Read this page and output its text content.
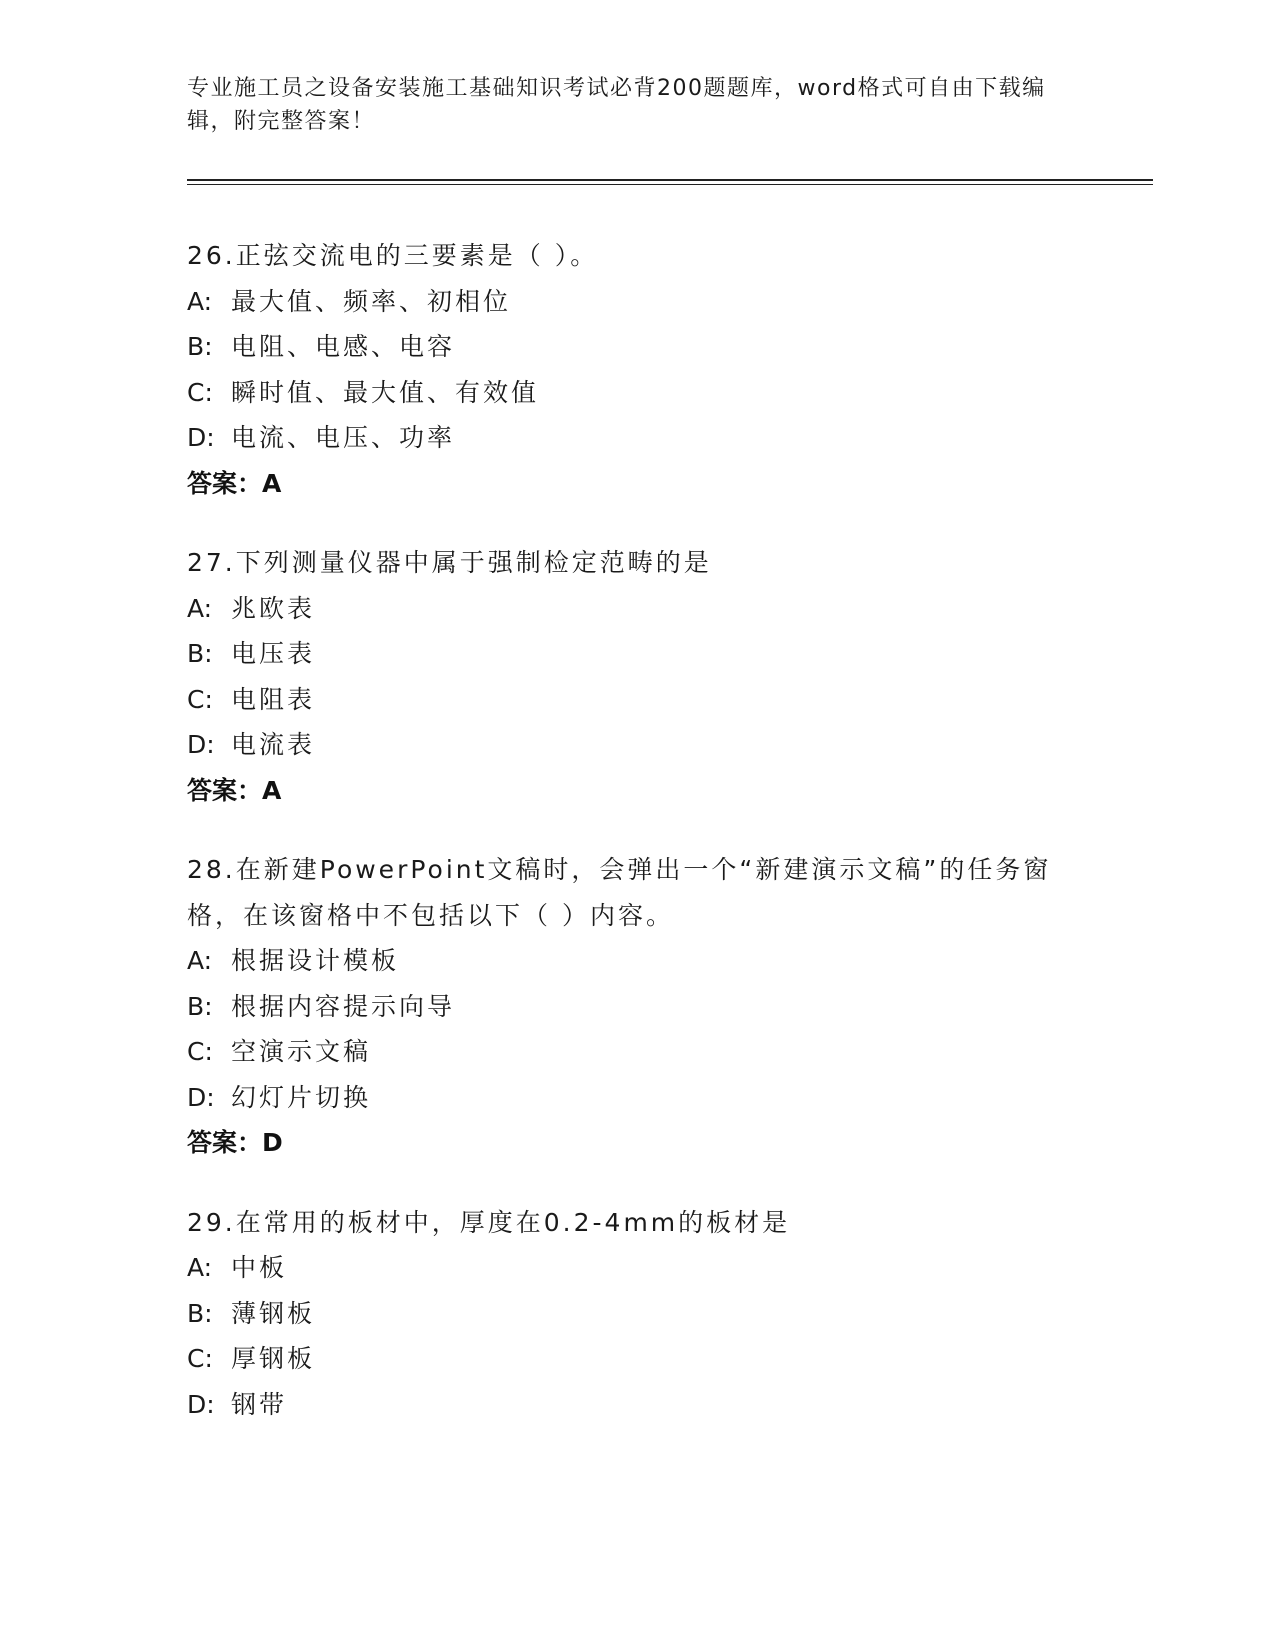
专业施工员之设备安装施工基础知识考试必背200题题库，word格式可自由下载编辑，附完整答案！
26.正弦交流电的三要素是（ ）。
A: 最大值、频率、初相位
B: 电阻、电感、电容
C: 瞬时值、最大值、有效值
D: 电流、电压、功率
答案：A
27.下列测量仪器中属于强制检定范畴的是
A: 兆欧表
B: 电压表
C: 电阻表
D: 电流表
答案：A
28.在新建PowerPoint文稿时，会弹出一个“新建演示文稿”的任务窗格，在该窗格中不包括以下（ ）内容。
A: 根据设计模板
B: 根据内容提示向导
C: 空演示文稿
D: 幻灯片切换
答案：D
29.在常用的板材中，厚度在0.2-4mm的板材是
A: 中板
B: 薄钢板
C: 厚钢板
D: 钢带
